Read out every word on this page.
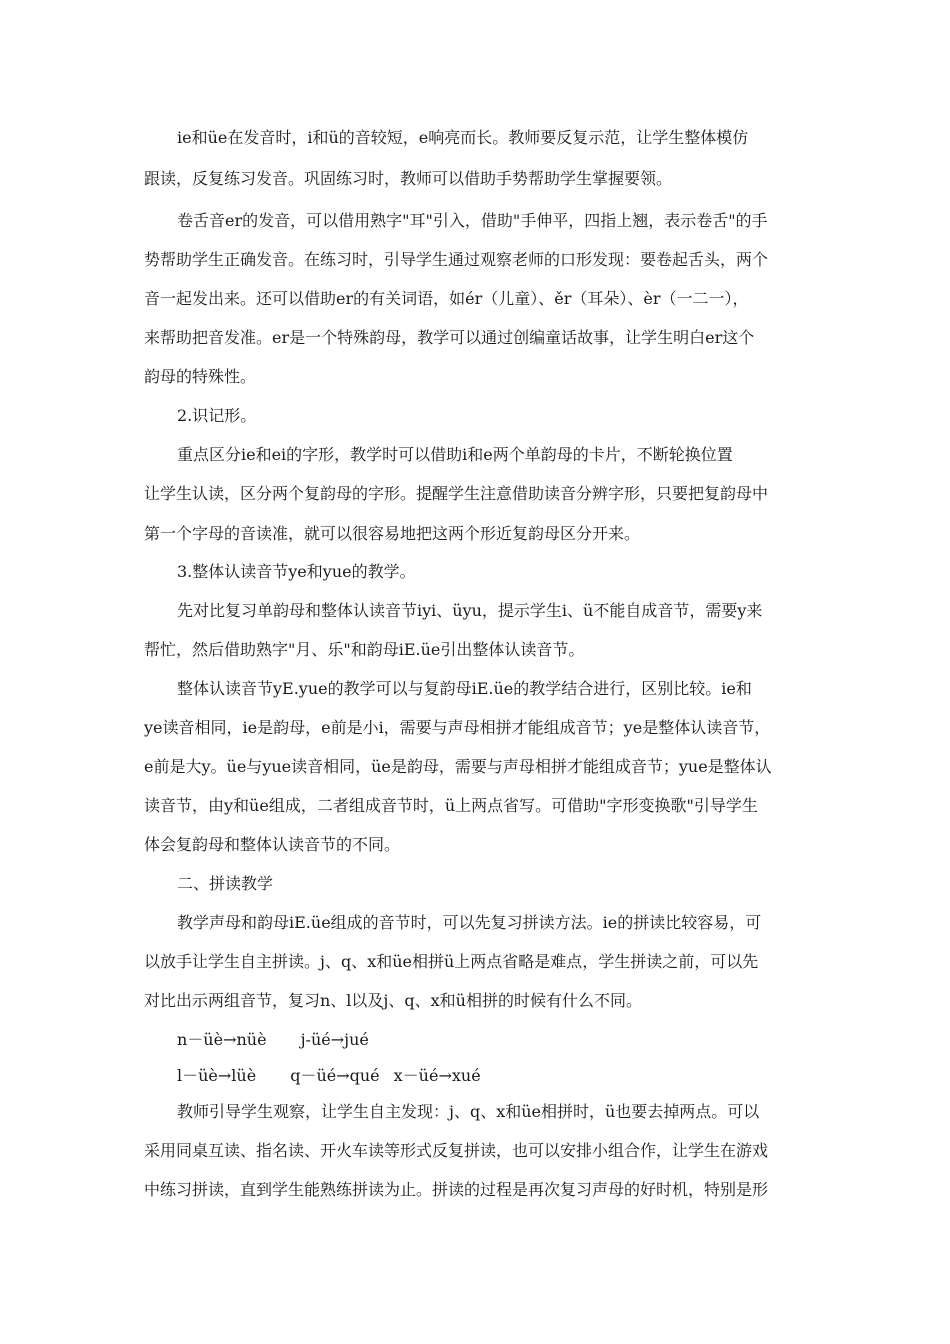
ie和üe在发音时，i和ü的音较短，e响亮而长。教师要反复示范，让学生整体模仿
跟读，反复练习发音。巩固练习时，教师可以借助手势帮助学生掌握要领。
卷舌音er的发音，可以借用熟字"耳"引入，借助"手伸平，四指上翘，表示卷舌"的手
势帮助学生正确发音。在练习时，引导学生通过观察老师的口形发现：要卷起舌头，两个
音一起发出来。还可以借助er的有关词语，如ér（儿童）、ěr（耳朵）、èr（一二一），
来帮助把音发准。er是一个特殊韵母，教学可以通过创编童话故事，让学生明白er这个
韵母的特殊性。
2.识记形。
重点区分ie和ei的字形，教学时可以借助i和e两个单韵母的卡片，不断轮换位置
让学生认读，区分两个复韵母的字形。提醒学生注意借助读音分辨字形，只要把复韵母中
第一个字母的音读准，就可以很容易地把这两个形近复韵母区分开来。
3.整体认读音节ye和yue的教学。
先对比复习单韵母和整体认读音节iyi、üyu，提示学生i、ü不能自成音节，需要y来
帮忙，然后借助熟字"月、乐"和韵母iE.üe引出整体认读音节。
整体认读音节yE.yue的教学可以与复韵母iE.üe的教学结合进行，区别比较。ie和
ye读音相同，ie是韵母，e前是小i，需要与声母相拼才能组成音节；ye是整体认读音节，
e前是大y。üe与yue读音相同，üe是韵母，需要与声母相拼才能组成音节；yue是整体认
读音节，由y和üe组成，二者组成音节时，ü上两点省写。可借助"字形变换歌"引导学生
体会复韵母和整体认读音节的不同。
二、拼读教学
教学声母和韵母iE.üe组成的音节时，可以先复习拼读方法。ie的拼读比较容易，可
以放手让学生自主拼读。j、q、x和üe相拼ü上两点省略是难点，学生拼读之前，可以先
对比出示两组音节，复习n、l以及j、q、x和ü相拼的时候有什么不同。
n－üè→nüè j-üé→jué
l－üè→lüè q－üé→qué x－üé→xué
教师引导学生观察，让学生自主发现：j、q、x和üe相拼时，ü也要去掉两点。可以
采用同桌互读、指名读、开火车读等形式反复拼读，也可以安排小组合作，让学生在游戏
中练习拼读，直到学生能熟练拼读为止。拼读的过程是再次复习声母的好时机，特别是形
